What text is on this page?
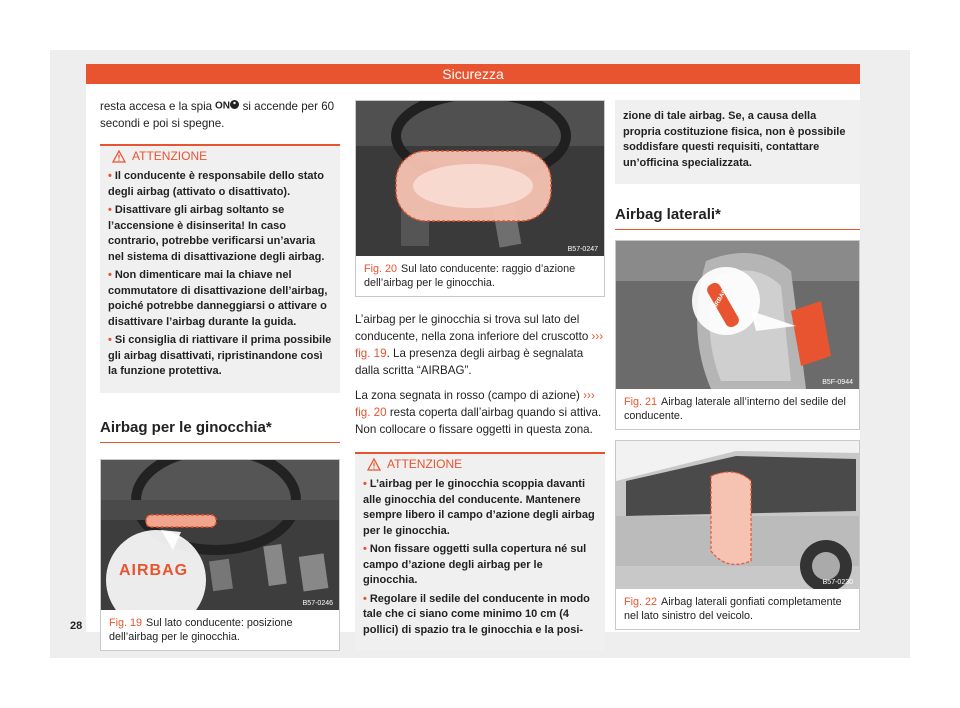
Sicurezza

resta accesa e la spia ON si accende per 60 secondi e poi si spegne.

ATTENZIONE
• Il conducente è responsabile dello stato degli airbag (attivato o disattivato).
• Disattivare gli airbag soltanto se l’accensione è disinserita! In caso contrario, potrebbe verificarsi un’avaria nel sistema di disattivazione degli airbag.
• Non dimenticare mai la chiave nel commutatore di disattivazione dell’airbag, poiché potrebbe danneggiarsi o attivare o disattivare l’airbag durante la guida.
• Si consiglia di riattivare il prima possibile gli airbag disattivati, ripristinandone così la funzione protettiva.
Airbag per le ginocchia*
AIRBAG
B57-0246
Fig. 19 Sul lato conducente: posizione dell’airbag per le ginocchia.
B57-0247
Fig. 20 Sul lato conducente: raggio d’azione dell’airbag per le ginocchia.

L’airbag per le ginocchia si trova sul lato del conducente, nella zona inferiore del cruscotto ››› fig. 19. La presenza degli airbag è segnalata dalla scritta “AIRBAG”.

La zona segnata in rosso (campo di azione) ››› fig. 20 resta coperta dall’airbag quando si attiva. Non collocare o fissare oggetti in questa zona.

ATTENZIONE
• L’airbag per le ginocchia scoppia davanti alle ginocchia del conducente. Mantenere sempre libero il campo d’azione degli airbag per le ginocchia.
• Non fissare oggetti sulla copertura né sul campo d’azione degli airbag per le ginocchia.
• Regolare il sedile del conducente in modo tale che ci siano come minimo 10 cm (4 pollici) di spazio tra le ginocchia e la posi-
zione di tale airbag. Se, a causa della propria costituzione fisica, non è possibile soddisfare questi requisiti, contattare un’officina specializzata.
Airbag laterali*
AIRBAG
B5F-0944
Fig. 21 Airbag laterale all’interno del sedile del conducente.
B57-0230
Fig. 22 Airbag laterali gonfiati completamente nel lato sinistro del veicolo.
28
